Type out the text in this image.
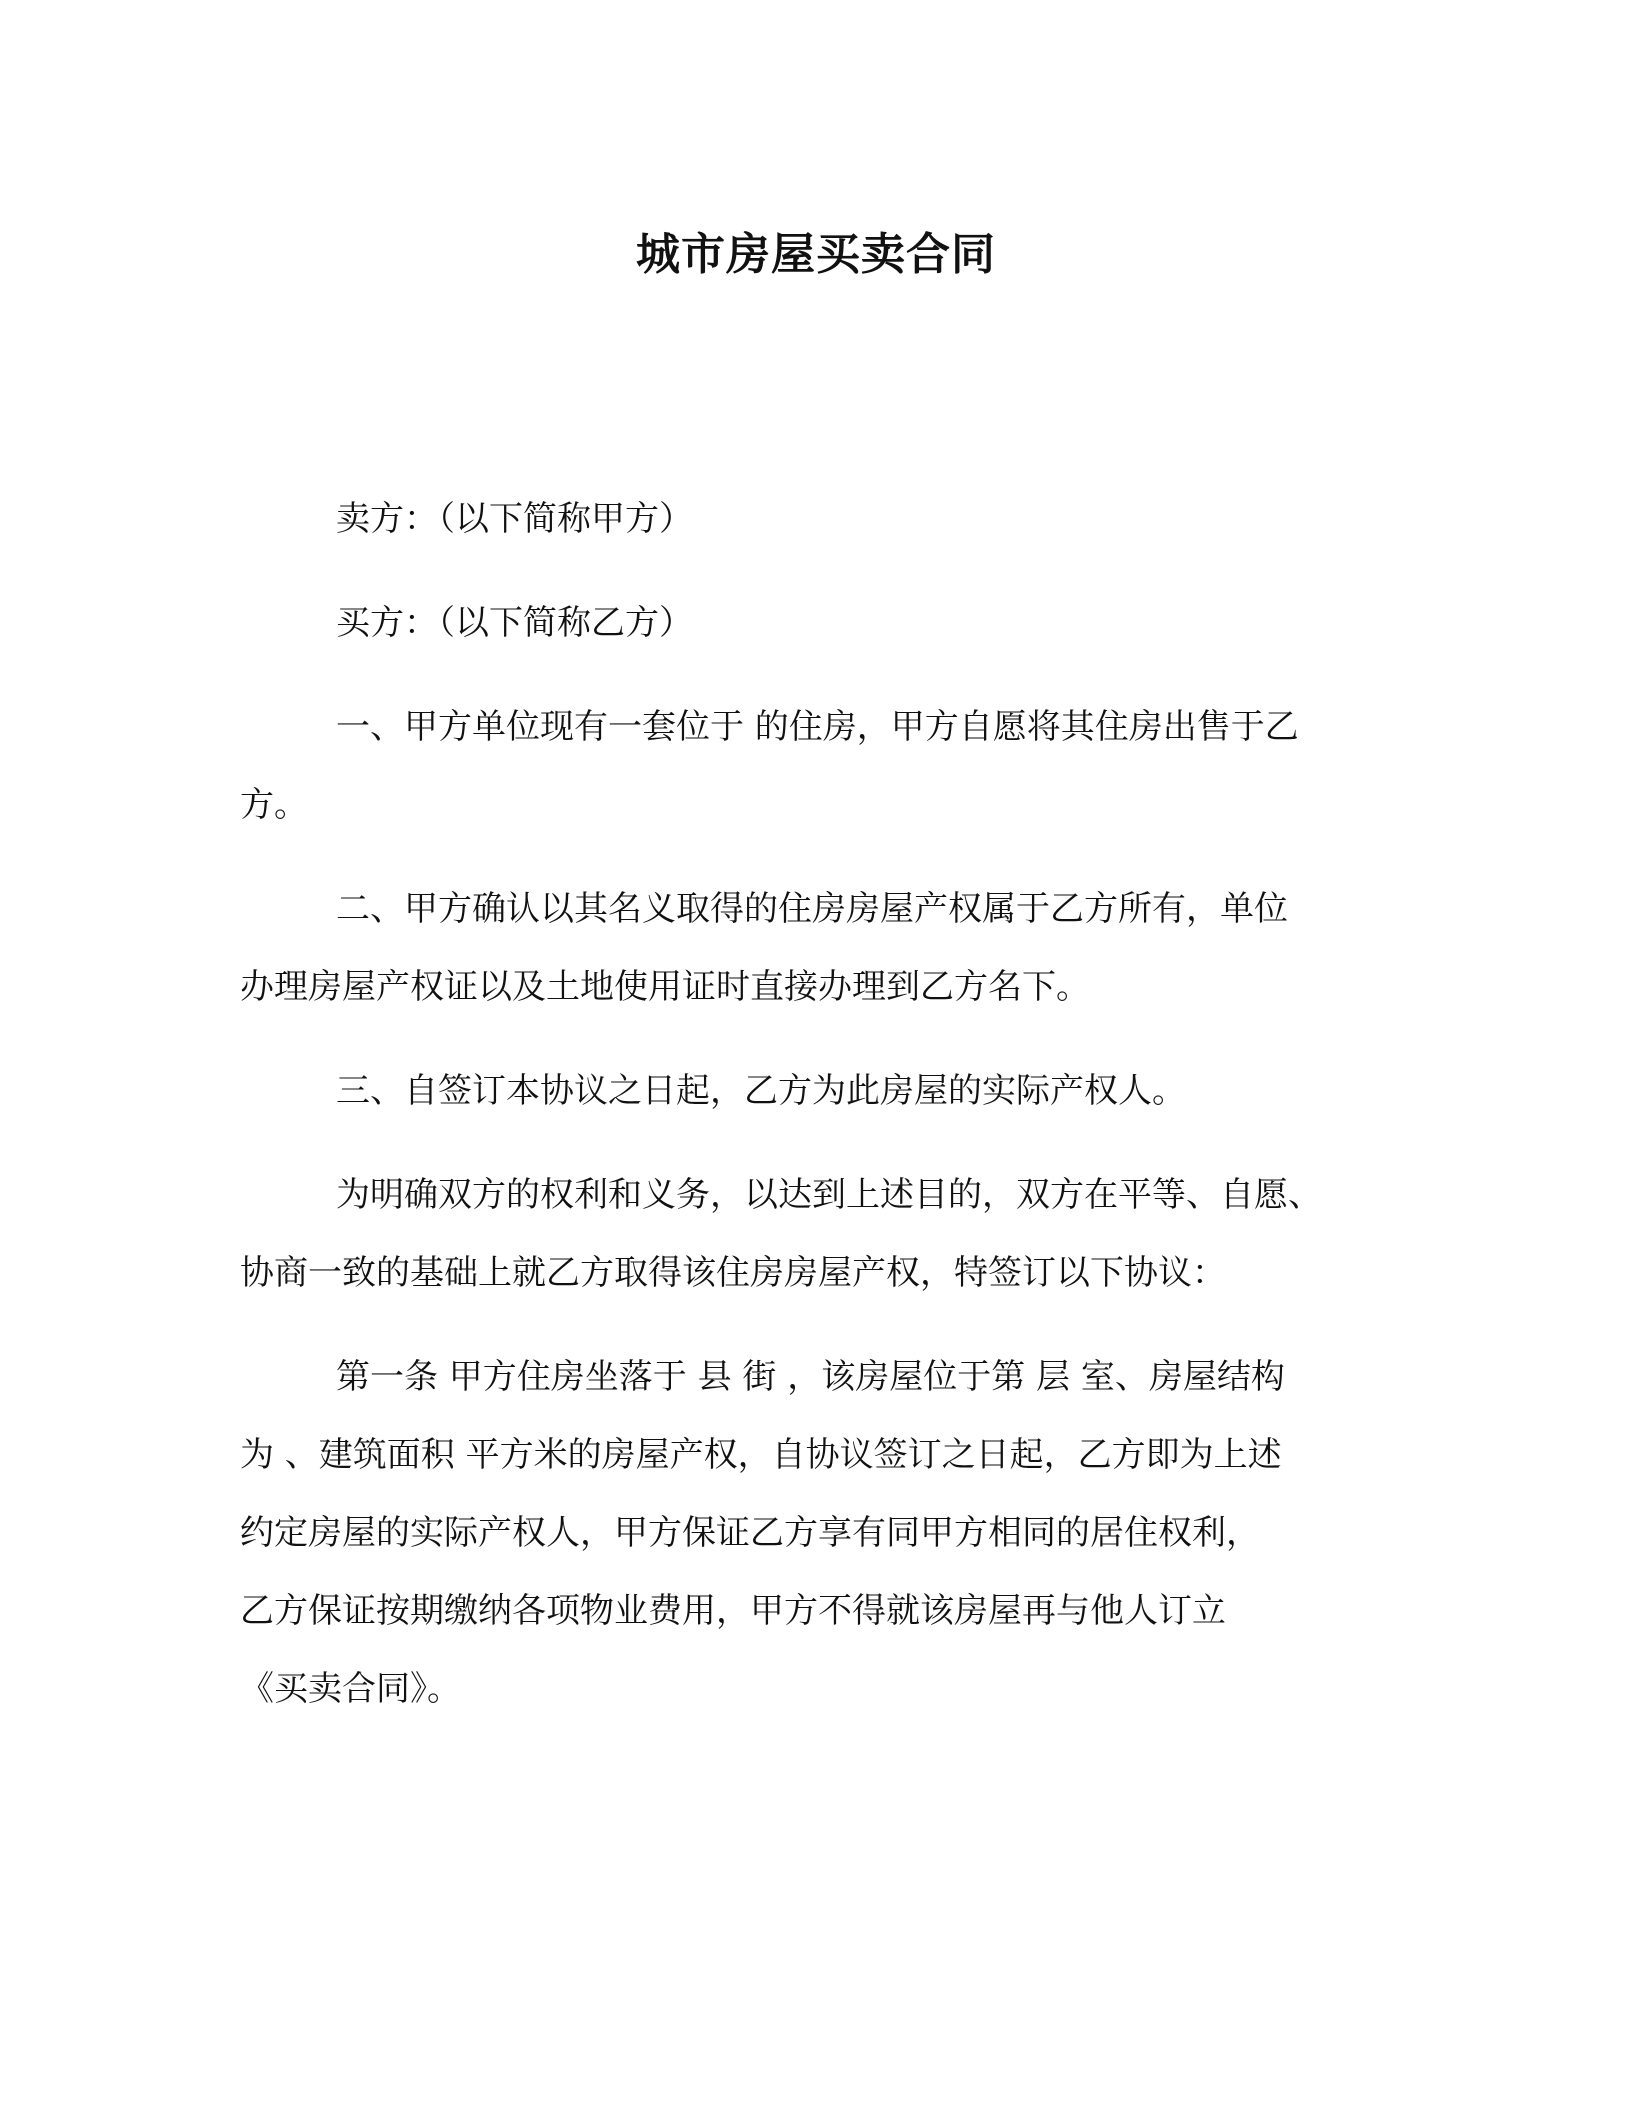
城市房屋买卖合同

卖方：（以下简称甲方）

买方：（以下简称乙方）

一、甲方单位现有一套位于 的住房，甲方自愿将其住房出售于乙
方。

二、甲方确认以其名义取得的住房房屋产权属于乙方所有，单位
办理房屋产权证以及土地使用证时直接办理到乙方名下。

三、自签订本协议之日起，乙方为此房屋的实际产权人。

为明确双方的权利和义务，以达到上述目的，双方在平等、自愿、
协商一致的基础上就乙方取得该住房房屋产权，特签订以下协议：

第一条 甲方住房坐落于 县 街 ，该房屋位于第 层 室、房屋结构
为 、建筑面积 平方米的房屋产权，自协议签订之日起，乙方即为上述
约定房屋的实际产权人，甲方保证乙方享有同甲方相同的居住权利，
乙方保证按期缴纳各项物业费用，甲方不得就该房屋再与他人订立
《买卖合同》。
